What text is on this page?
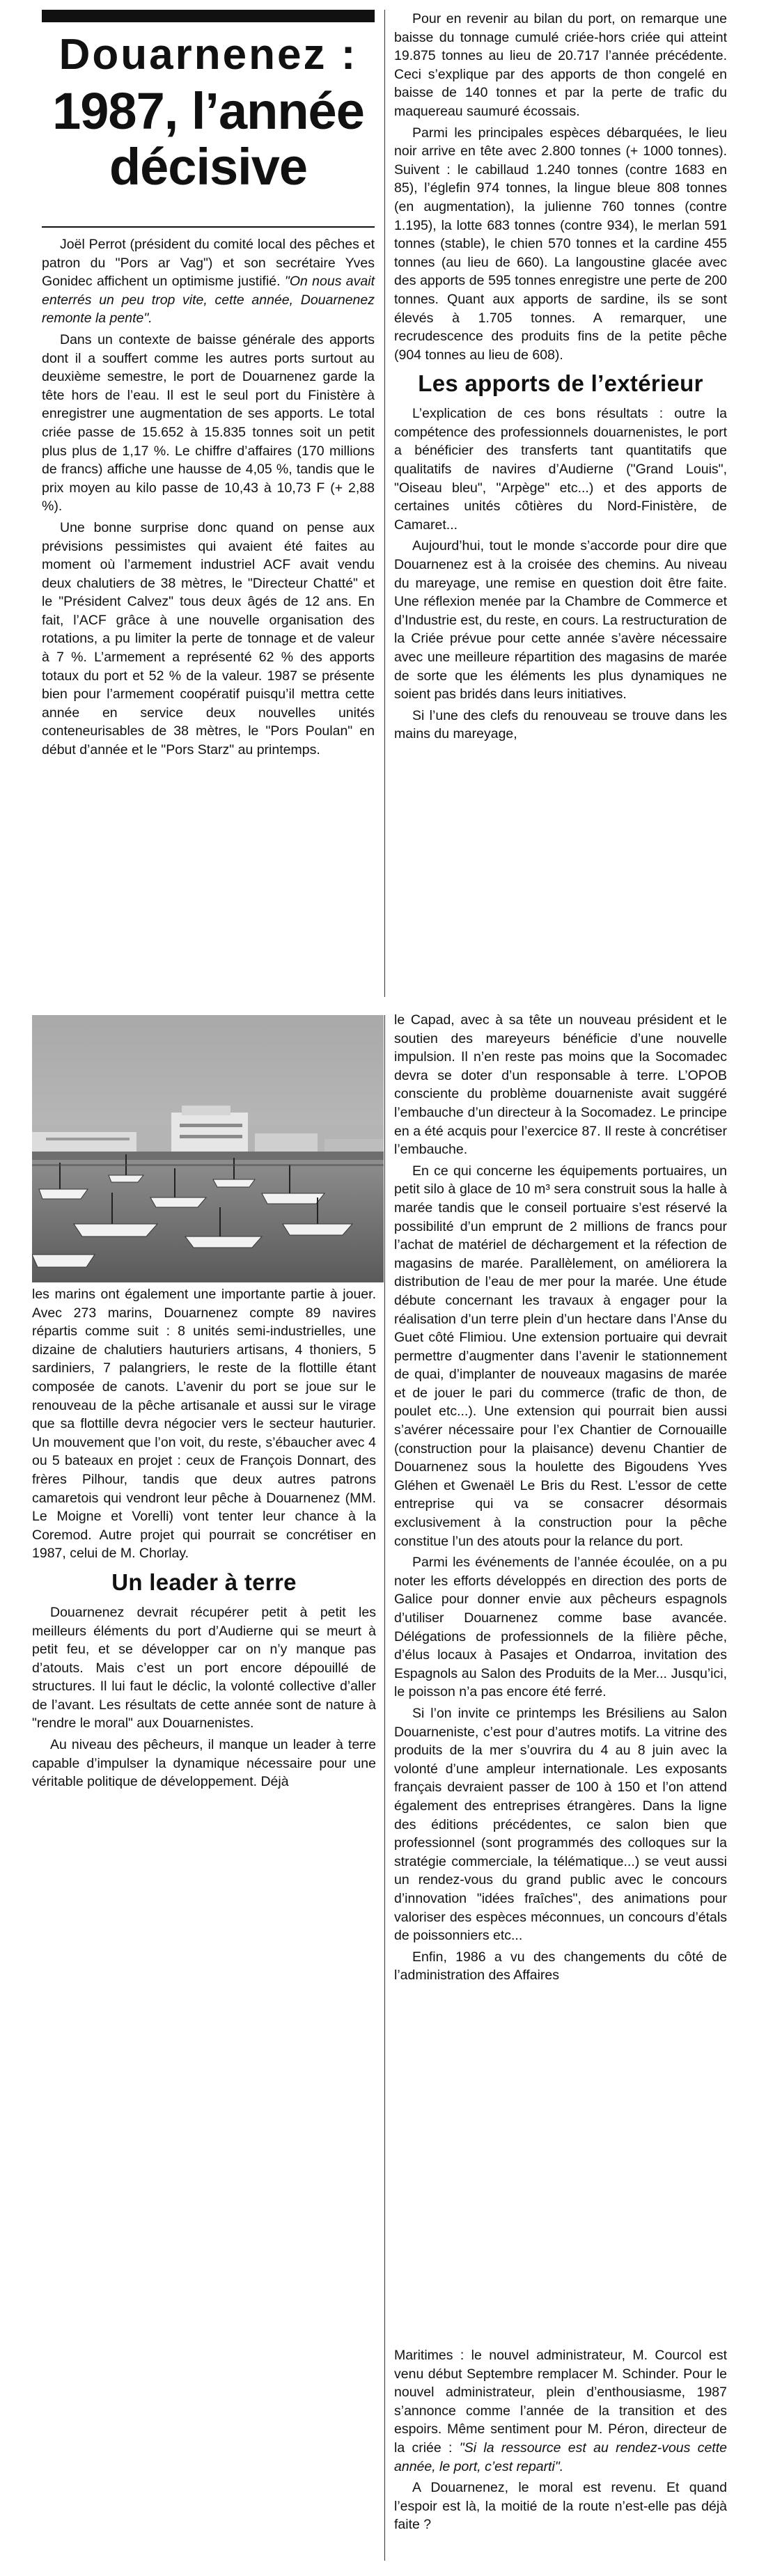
Douarnenez :
1987, l’année décisive

Joël Perrot (président du comité local des pêches et patron du "Pors ar Vag") et son secrétaire Yves Gonidec affichent un optimisme justifié. "On nous avait enterrés un peu trop vite, cette année, Douarnenez remonte la pente".

Dans un contexte de baisse générale des apports dont il a souffert comme les autres ports surtout au deuxième semestre, le port de Douarnenez garde la tête hors de l’eau. Il est le seul port du Finistère à enregistrer une augmentation de ses apports. Le total criée passe de 15.652 à 15.835 tonnes soit un petit plus plus de 1,17 %. Le chiffre d’affaires (170 millions de francs) affiche une hausse de 4,05 %, tandis que le prix moyen au kilo passe de 10,43 à 10,73 F (+ 2,88 %).

Une bonne surprise donc quand on pense aux prévisions pessimistes qui avaient été faites au moment où l’armement industriel ACF avait vendu deux chalutiers de 38 mètres, le "Directeur Chatté" et le "Président Calvez" tous deux âgés de 12 ans. En fait, l’ACF grâce à une nouvelle organisation des rotations, a pu limiter la perte de tonnage et de valeur à 7 %. L’armement a représenté 62 % des apports totaux du port et 52 % de la valeur. 1987 se présente bien pour l’armement coopératif puisqu’il mettra cette année en service deux nouvelles unités conteneurisables de 38 mètres, le "Pors Poulan" en début d’année et le "Pors Starz" au printemps.

Pour en revenir au bilan du port, on remarque une baisse du tonnage cumulé criée-hors criée qui atteint 19.875 tonnes au lieu de 20.717 l’année précédente. Ceci s’explique par des apports de thon congelé en baisse de 140 tonnes et par la perte de trafic du maquereau saumuré écossais.

Parmi les principales espèces débarquées, le lieu noir arrive en tête avec 2.800 tonnes (+ 1000 tonnes). Suivent : le cabillaud 1.240 tonnes (contre 1683 en 85), l’églefin 974 tonnes, la lingue bleue 808 tonnes (en augmentation), la julienne 760 tonnes (contre 1.195), la lotte 683 tonnes (contre 934), le merlan 591 tonnes (stable), le chien 570 tonnes et la cardine 455 tonnes (au lieu de 660). La langoustine glacée avec des apports de 595 tonnes enregistre une perte de 200 tonnes. Quant aux apports de sardine, ils se sont élevés à 1.705 tonnes. A remarquer, une recrudescence des produits fins de la petite pêche (904 tonnes au lieu de 608).

Les apports de l’extérieur

L’explication de ces bons résultats : outre la compétence des professionnels douarnenistes, le port a bénéficier des transferts tant quantitatifs que qualitatifs de navires d’Audierne ("Grand Louis", "Oiseau bleu", "Arpège" etc...) et des apports de certaines unités côtières du Nord-Finistère, de Camaret...

Aujourd’hui, tout le monde s’accorde pour dire que Douarnenez est à la croisée des chemins. Au niveau du mareyage, une remise en question doit être faite. Une réflexion menée par la Chambre de Commerce et d’Industrie est, du reste, en cours. La restructuration de la Criée prévue pour cette année s’avère nécessaire avec une meilleure répartition des magasins de marée de sorte que les éléments les plus dynamiques ne soient pas bridés dans leurs initiatives.

Si l’une des clefs du renouveau se trouve dans les mains du mareyage,

les marins ont également une importante partie à jouer. Avec 273 marins, Douarnenez compte 89 navires répartis comme suit : 8 unités semi-industrielles, une dizaine de chalutiers hauturiers artisans, 4 thoniers, 5 sardiniers, 7 palangriers, le reste de la flottille étant composée de canots. L’avenir du port se joue sur le renouveau de la pêche artisanale et aussi sur le virage que sa flottille devra négocier vers le secteur hauturier. Un mouvement que l’on voit, du reste, s’ébaucher avec 4 ou 5 bateaux en projet : ceux de François Donnart, des frères Pilhour, tandis que deux autres patrons camaretois qui vendront leur pêche à Douarnenez (MM. Le Moigne et Vorelli) vont tenter leur chance à la Coremod. Autre projet qui pourrait se concrétiser en 1987, celui de M. Chorlay.

Un leader à terre

Douarnenez devrait récupérer petit à petit les meilleurs éléments du port d’Audierne qui se meurt à petit feu, et se développer car on n’y manque pas d’atouts. Mais c’est un port encore dépouillé de structures. Il lui faut le déclic, la volonté collective d’aller de l’avant. Les résultats de cette année sont de nature à "rendre le moral" aux Douarnenistes.

Au niveau des pêcheurs, il manque un leader à terre capable d’impulser la dynamique nécessaire pour une véritable politique de développement. Déjà

le Capad, avec à sa tête un nouveau président et le soutien des mareyeurs bénéficie d’une nouvelle impulsion. Il n’en reste pas moins que la Socomadec devra se doter d’un responsable à terre. L’OPOB consciente du problème douarneniste avait suggéré l’embauche d’un directeur à la Socomadez. Le principe en a été acquis pour l’exercice 87. Il reste à concrétiser l’embauche.

En ce qui concerne les équipements portuaires, un petit silo à glace de 10 m³ sera construit sous la halle à marée tandis que le conseil portuaire s’est réservé la possibilité d’un emprunt de 2 millions de francs pour l’achat de matériel de déchargement et la réfection de magasins de marée. Parallèlement, on améliorera la distribution de l’eau de mer pour la marée. Une étude débute concernant les travaux à engager pour la réalisation d’un terre plein d’un hectare dans l’Anse du Guet côté Flimiou. Une extension portuaire qui devrait permettre d’augmenter dans l’avenir le stationnement de quai, d’implanter de nouveaux magasins de marée et de jouer le pari du commerce (trafic de thon, de poulet etc...). Une extension qui pourrait bien aussi s’avérer nécessaire pour l’ex Chantier de Cornouaille (construction pour la plaisance) devenu Chantier de Douarnenez sous la houlette des Bigoudens Yves Gléhen et Gwenaël Le Bris du Rest. L’essor de cette entreprise qui va se consacrer désormais exclusivement à la construction pour la pêche constitue l’un des atouts pour la relance du port.

Parmi les événements de l’année écoulée, on a pu noter les efforts développés en direction des ports de Galice pour donner envie aux pêcheurs espagnols d’utiliser Douarnenez comme base avancée. Délégations de professionnels de la filière pêche, d’élus locaux à Pasajes et Ondarroa, invitation des Espagnols au Salon des Produits de la Mer... Jusqu’ici, le poisson n’a pas encore été ferré.

Si l’on invite ce printemps les Brésiliens au Salon Douarneniste, c’est pour d’autres motifs. La vitrine des produits de la mer s’ouvrira du 4 au 8 juin avec la volonté d’une ampleur internationale. Les exposants français devraient passer de 100 à 150 et l’on attend également des entreprises étrangères. Dans la ligne des éditions précédentes, ce salon bien que professionnel (sont programmés des colloques sur la stratégie commerciale, la télématique...) se veut aussi un rendez-vous du grand public avec le concours d’innovation "idées fraîches", des animations pour valoriser des espèces méconnues, un concours d’étals de poissonniers etc...

Enfin, 1986 a vu des changements du côté de l’administration des Affaires

Maritimes : le nouvel administrateur, M. Courcol est venu début Septembre remplacer M. Schinder. Pour le nouvel administrateur, plein d’enthousiasme, 1987 s’annonce comme l’année de la transition et des espoirs. Même sentiment pour M. Péron, directeur de la criée : "Si la ressource est au rendez-vous cette année, le port, c’est reparti".

A Douarnenez, le moral est revenu. Et quand l’espoir est là, la moitié de la route n’est-elle pas déjà faite ?
